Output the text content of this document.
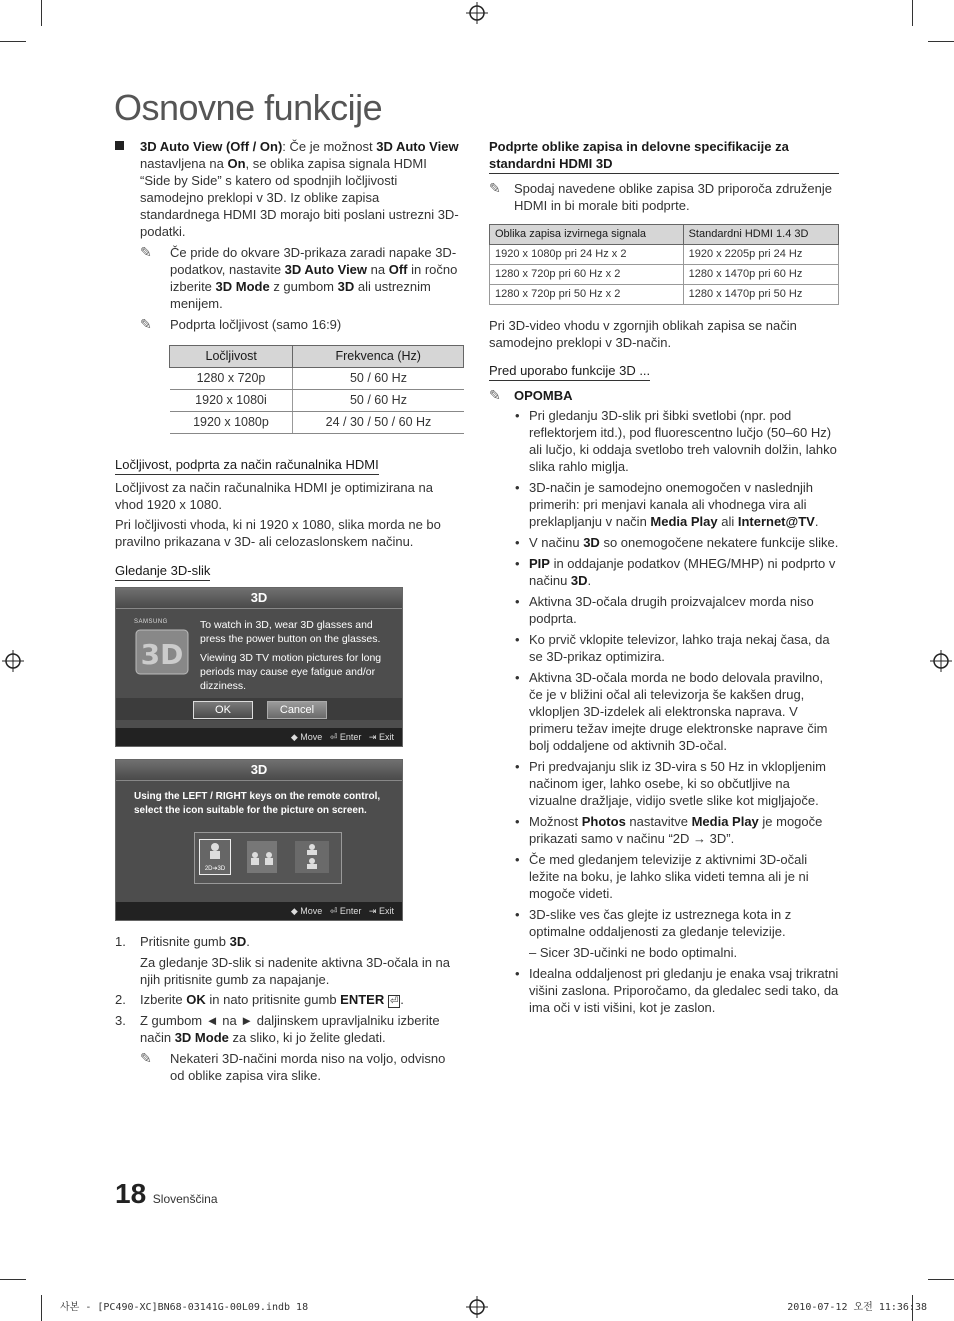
Osnovne funkcije

3D Auto View (Off / On): Če je možnost 3D Auto View nastavljena na On, se oblika zapisa signala HDMI “Side by Side” s katero od spodnjih ločljivosti samodejno preklopi v 3D. Iz oblike zapisa standardnega HDMI 3D morajo biti poslani ustrezni 3D-podatki.

✎ Če pride do okvare 3D-prikaza zaradi napake 3D-podatkov, nastavite 3D Auto View na Off in ročno izberite 3D Mode z gumbom 3D ali ustreznim menijem.

✎ Podprta ločljivost (samo 16:9)

Ločljivost	Frekvenca (Hz)
1280 x 720p	50 / 60 Hz
1920 x 1080i	50 / 60 Hz
1920 x 1080p	24 / 30 / 50 / 60 Hz
Ločljivost, podprta za način računalnika HDMI

Ločljivost za način računalnika HDMI je optimizirana na vhod 1920 x 1080.

Pri ločljivosti vhoda, ki ni 1920 x 1080, slika morda ne bo pravilno prikazana v 3D- ali celozaslonskem načinu.

Gledanje 3D-slik
3D
SAMSUNG
3D

To watch in 3D, wear 3D glasses and press the power button on the glasses.

Viewing 3D TV motion pictures for long periods may cause eye fatigue and/or dizziness.

OK	Cancel
◆ Move ⏎ Enter ⇥ Exit
3D

Using the LEFT / RIGHT keys on the remote control, select the icon suitable for the picture on screen.

2D➔3D
◆ Move ⏎ Enter ⇥ Exit
1. Pritisnite gumb 3D.

Za gledanje 3D-slik si nadenite aktivna 3D-očala in na njih pritisnite gumb za napajanje.

2. Izberite OK in nato pritisnite gumb ENTER ⏎ .
3. Z gumbom ◄ na ► daljinskem upravljalniku izberite način 3D Mode za sliko, ki jo želite gledati.

✎ Nekateri 3D-načini morda niso na voljo, odvisno od oblike zapisa vira slike.

Podprte oblike zapisa in delovne specifikacije za standardni HDMI 3D

✎ Spodaj navedene oblike zapisa 3D priporoča združenje HDMI in bi morale biti podprte.

Oblika zapisa izvirnega signala	Standardni HDMI 1.4 3D
1920 x 1080p pri 24 Hz x 2	1920 x 2205p pri 24 Hz
1280 x 720p pri 60 Hz x 2	1280 x 1470p pri 60 Hz
1280 x 720p pri 50 Hz x 2	1280 x 1470p pri 50 Hz

Pri 3D-video vhodu v zgornjih oblikah zapisa se način samodejno preklopi v 3D-način.

Pred uporabo funkcije 3D ...

✎ OPOMBA

• Pri gledanju 3D-slik pri šibki svetlobi (npr. pod reflektorjem itd.), pod fluorescentno lučjo (50–60 Hz) ali lučjo, ki oddaja svetlobo treh valovnih dolžin, lahko slika rahlo miglja.
• 3D-način je samodejno onemogočen v naslednjih primerih: pri menjavi kanala ali vhodnega vira ali preklapljanju v način Media Play ali Internet@TV.
• V načinu 3D so onemogočene nekatere funkcije slike.
• PIP in oddajanje podatkov (MHEG/MHP) ni podprto v načinu 3D.
• Aktivna 3D-očala drugih proizvajalcev morda niso podprta.
• Ko prvič vklopite televizor, lahko traja nekaj časa, da se 3D-prikaz optimizira.
• Aktivna 3D-očala morda ne bodo delovala pravilno, če je v bližini očal ali televizorja še kakšen drug, vklopljen 3D-izdelek ali elektronska naprava. V primeru težav imejte druge elektronske naprave čim bolj oddaljene od aktivnih 3D-očal.
• Pri predvajanju slik iz 3D-vira s 50 Hz in vklopljenim načinom iger, lahko osebe, ki so občutljive na vizualne dražljaje, vidijo svetle slike kot migljajoče.
• Možnost Photos nastavitve Media Play je mogoče prikazati samo v načinu “2D → 3D”.
• Če med gledanjem televizije z aktivnimi 3D-očali ležite na boku, je lahko slika videti temna ali je ni mogoče videti.
• 3D-slike ves čas glejte iz ustreznega kota in z optimalne oddaljenosti za gledanje televizije.

– Sicer 3D-učinki ne bodo optimalni.

• Idealna oddaljenost pri gledanju je enaka vsaj trikratni višini zaslona. Priporočamo, da gledalec sedi tako, da ima oči v isti višini, kot je zaslon.
18 Slovenščina
사본 - [PC490-XC]BN68-03141G-00L09.indb 18	2010-07-12 오전 11:36:38
